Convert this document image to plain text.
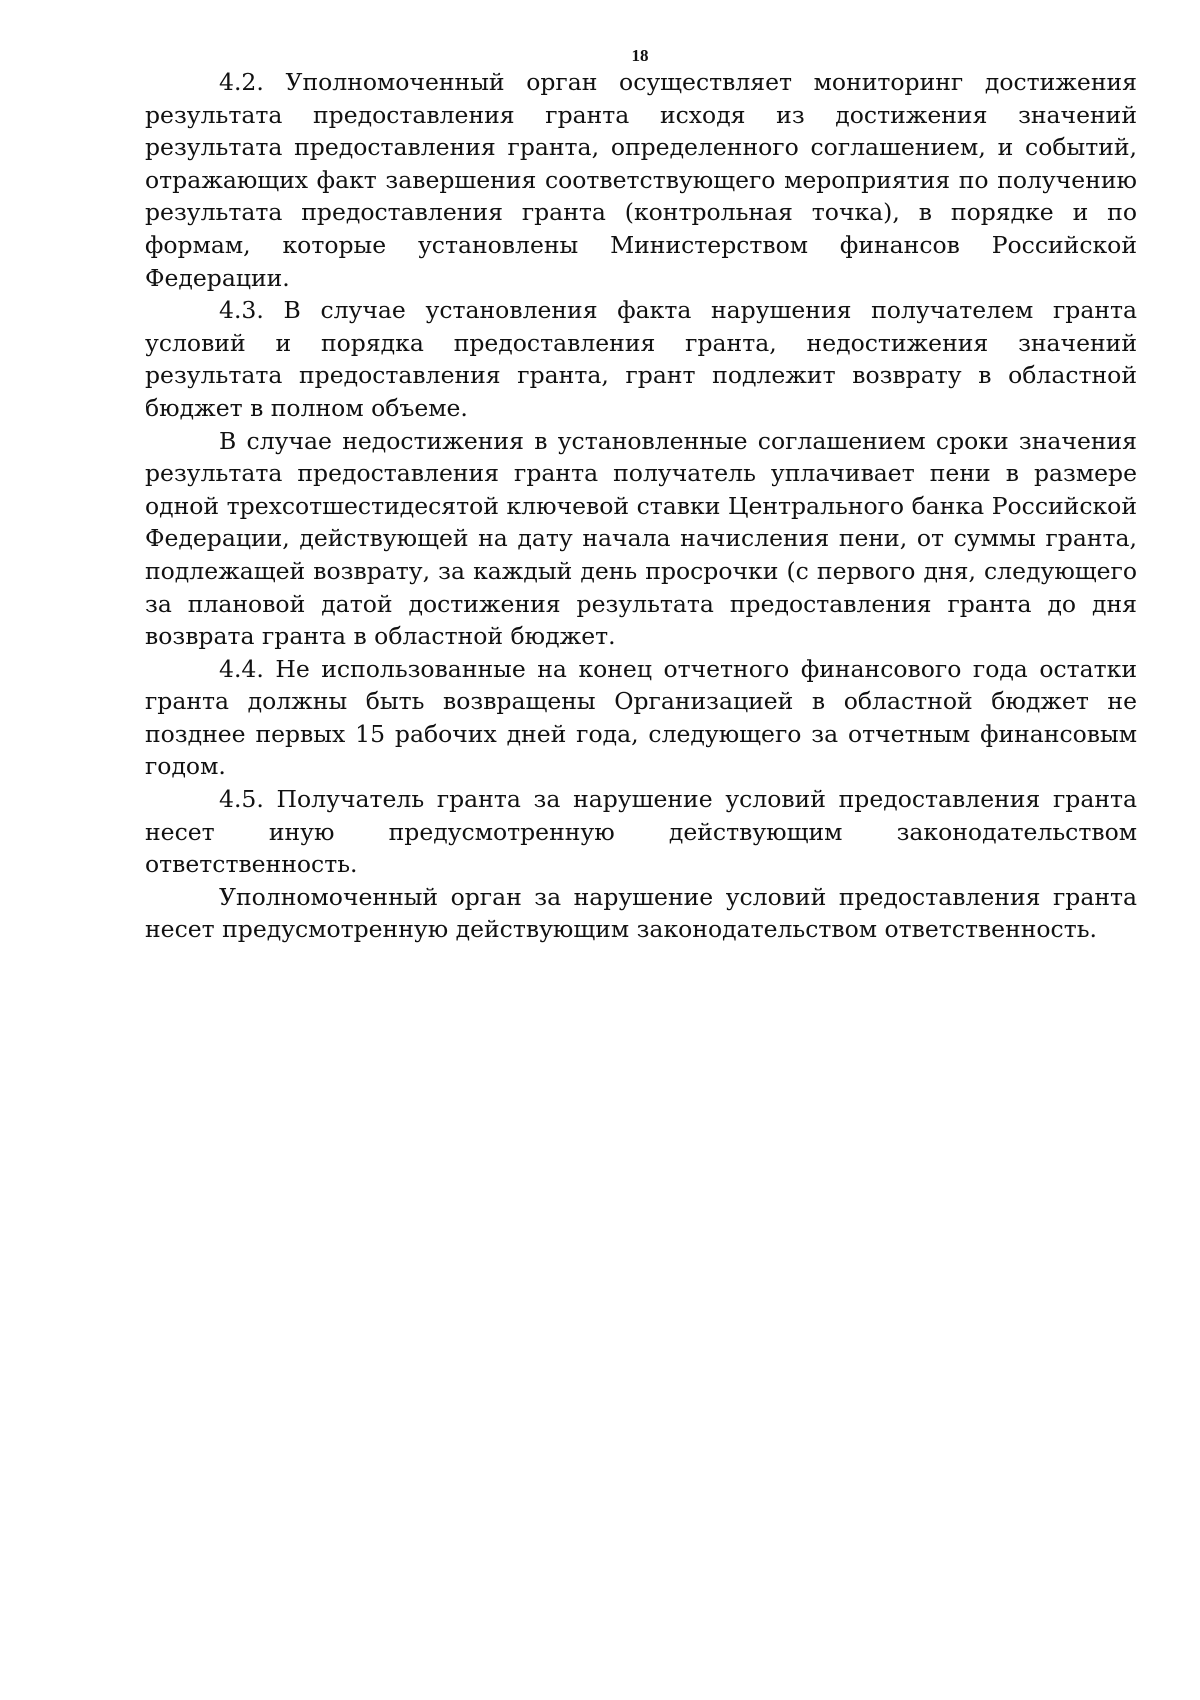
18

4.2. Уполномоченный орган осуществляет мониторинг достижения результата предоставления гранта исходя из достижения значений результата предоставления гранта, определенного соглашением, и событий, отражающих факт завершения соответствующего мероприятия по получению результата предоставления гранта (контрольная точка), в порядке и по формам, которые установлены Министерством финансов Российской Федерации.

4.3. В случае установления факта нарушения получателем гранта условий и порядка предоставления гранта, недостижения значений результата предоставления гранта, грант подлежит возврату в областной бюджет в полном объеме.

В случае недостижения в установленные соглашением сроки значения результата предоставления гранта получатель уплачивает пени в размере одной трехсотшестидесятой ключевой ставки Центрального банка Российской Федерации, действующей на дату начала начисления пени, от суммы гранта, подлежащей возврату, за каждый день просрочки (с первого дня, следующего за плановой датой достижения результата предоставления гранта до дня возврата гранта в областной бюджет.

4.4. Не использованные на конец отчетного финансового года остатки гранта должны быть возвращены Организацией в областной бюджет не позднее первых 15 рабочих дней года, следующего за отчетным финансовым годом.

4.5. Получатель гранта за нарушение условий предоставления гранта несет иную предусмотренную действующим законодательством ответственность.

Уполномоченный орган за нарушение условий предоставления гранта несет предусмотренную действующим законодательством ответственность.
